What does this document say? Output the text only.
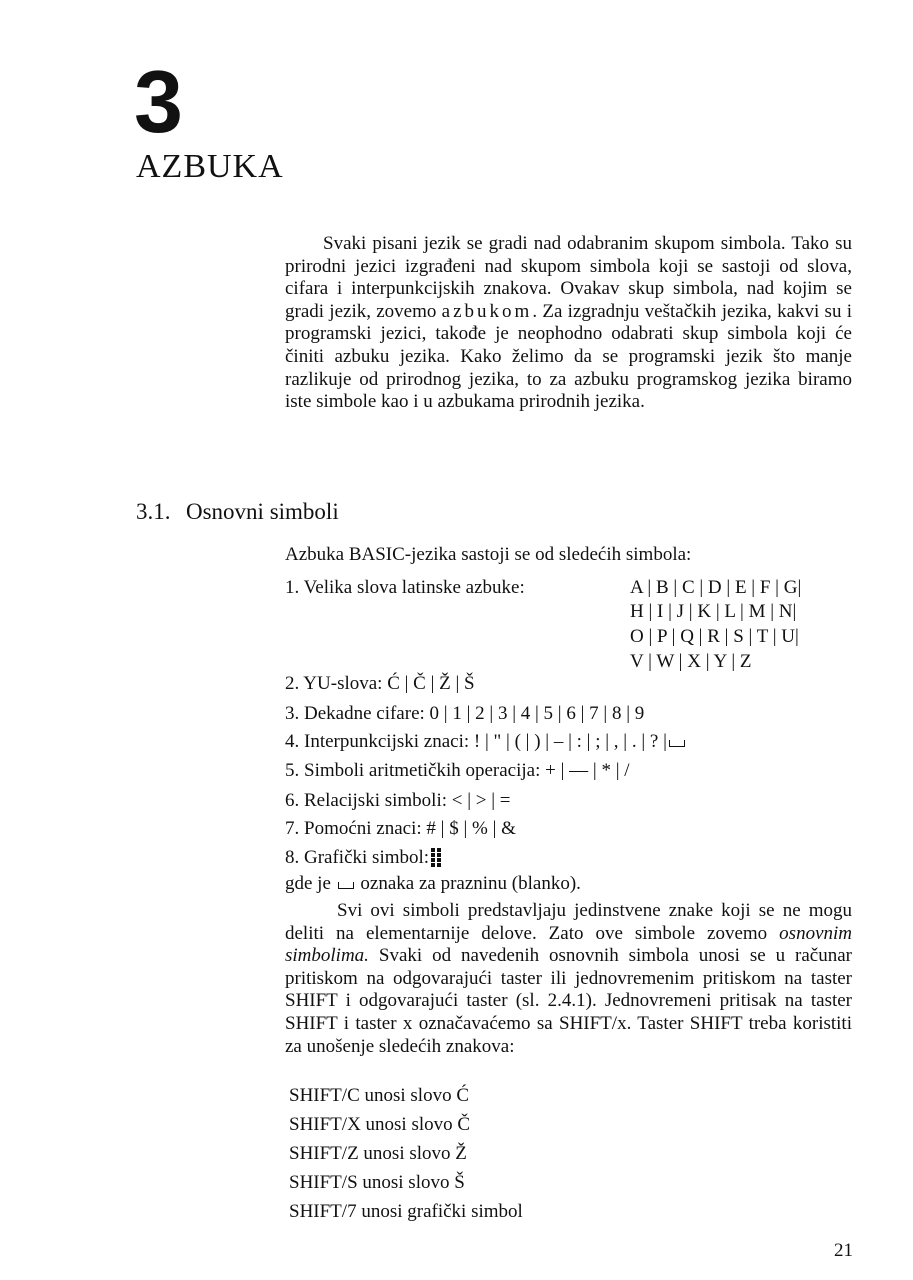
3
AZBUKA
Svaki pisani jezik se gradi nad odabranim skupom simbola. Tako su prirodni jezici izgrađeni nad skupom simbola koji se sastoji od slova, cifara i interpunkcijskih znakova. Ovakav skup simbola, nad kojim se gradi jezik, zovemo azbukom. Za izgradnju veštačkih jezika, kakvi su i programski jezici, takođe je neophodno odabrati skup simbola koji će činiti azbuku jezika. Kako želimo da se programski jezik što manje razlikuje od prirodnog jezika, to za azbuku programskog jezika biramo iste simbole kao i u azbukama prirodnih jezika.
3.1. Osnovni simboli
Azbuka BASIC-jezika sastoji se od sledećih simbola:
1. Velika slova latinske azbuke:	A | B | C | D | E | F | G|
H | I | J | K | L | M | N|
O | P | Q | R | S | T | U|
V | W | X | Y | Z
2. YU-slova: Ć | Č | Ž | Š
3. Dekadne cifare: 0 | 1 | 2 | 3 | 4 | 5 | 6 | 7 | 8 | 9
4. Interpunkcijski znaci: ! | " | ( | ) | – | : | ; | , | . | ? |
5. Simboli aritmetičkih operacija: + | — | * | /
6. Relacijski simboli: < | > | =
7. Pomoćni znaci: # | $ | % | &
8. Grafički simbol:
gde je oznaka za prazninu (blanko).
Svi ovi simboli predstavljaju jedinstvene znake koji se ne mogu deliti na elementarnije delove. Zato ove simbole zovemo osnovnim simbolima. Svaki od navedenih osnovnih simbola unosi se u računar pritiskom na odgovarajući taster ili jednovremenim pritiskom na taster SHIFT i odgovarajući taster (sl. 2.4.1). Jednovremeni pritisak na taster SHIFT i taster x označavaćemo sa SHIFT/x. Taster SHIFT treba koristiti za unošenje sledećih znakova:
SHIFT/C unosi slovo Ć
SHIFT/X unosi slovo Č
SHIFT/Z unosi slovo Ž
SHIFT/S unosi slovo Š
SHIFT/7 unosi grafički simbol
21
